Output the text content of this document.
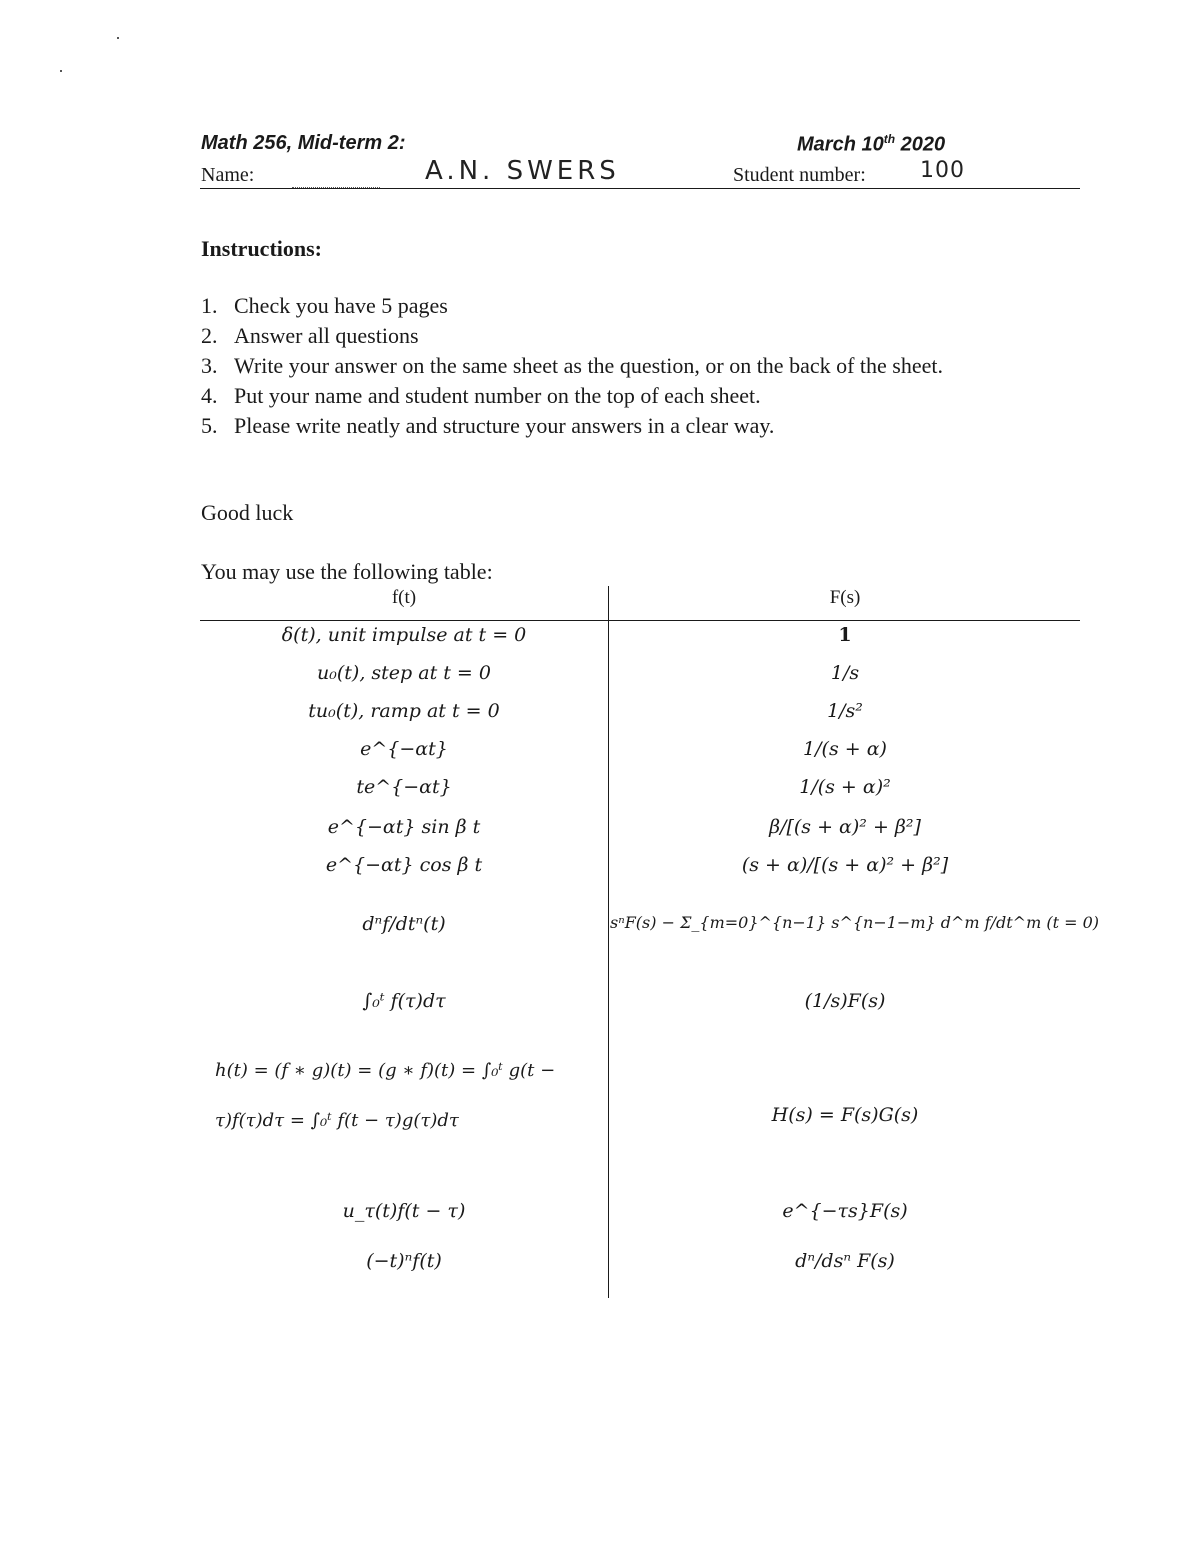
Math 256, Mid-term 2:	March 10th 2020
Name:	A.N. SWERS	Student number: 100
Instructions:
1. Check you have 5 pages
2. Answer all questions
3. Write your answer on the same sheet as the question, or on the back of the sheet.
4. Put your name and student number on the top of each sheet.
5. Please write neatly and structure your answers in a clear way.
Good luck
You may use the following table:
f(t)	F(s)
δ(t), unit impulse at t = 0	1
u₀(t), step at t = 0	1/s
tu₀(t), ramp at t = 0	1/s²
e^{−αt}	1/(s + α)
te^{−αt}	1/(s + α)²
e^{−αt} sin β t	β/[(s + α)² + β²]
e^{−αt} cos β t	(s + α)/[(s + α)² + β²]
dⁿf/dtⁿ(t)	sⁿF(s) − Σ_{m=0}^{n−1} s^{n−1−m} d^m f/dt^m (t = 0)
∫₀ᵗ f(τ)dτ	(1/s)F(s)
h(t) = (f ∗ g)(t) = (g ∗ f)(t) = ∫₀ᵗ g(t − τ)f(τ)dτ = ∫₀ᵗ f(t − τ)g(τ)dτ	H(s) = F(s)G(s)
u_τ(t)f(t − τ)	e^{−τs}F(s)
(−t)ⁿf(t)	dⁿ/dsⁿ F(s)
